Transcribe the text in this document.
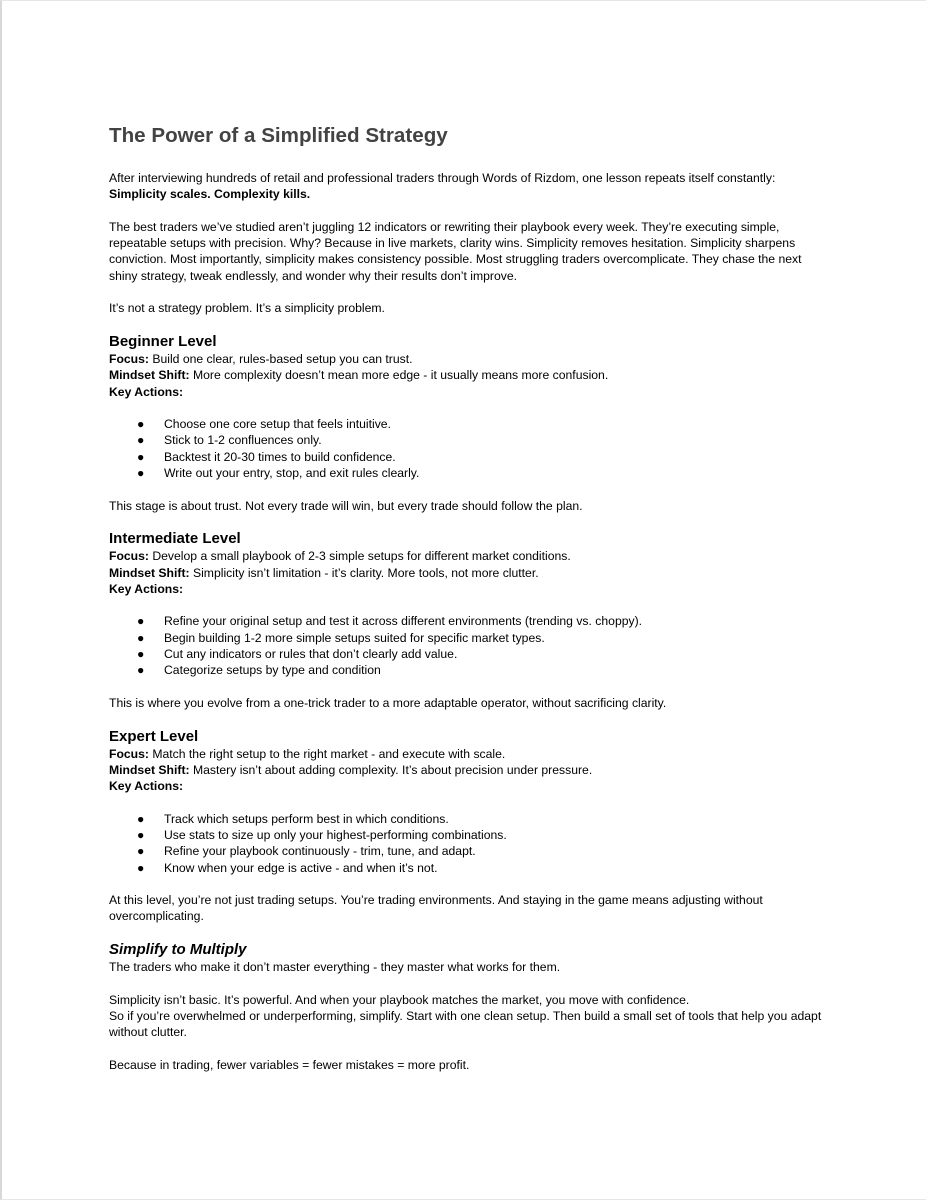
The Power of a Simplified Strategy

After interviewing hundreds of retail and professional traders through Words of Rizdom, one lesson repeats itself constantly:
Simplicity scales. Complexity kills.

The best traders we’ve studied aren’t juggling 12 indicators or rewriting their playbook every week. They’re executing simple, repeatable setups with precision. Why? Because in live markets, clarity wins. Simplicity removes hesitation. Simplicity sharpens conviction. Most importantly, simplicity makes consistency possible. Most struggling traders overcomplicate. They chase the next shiny strategy, tweak endlessly, and wonder why their results don’t improve.

It’s not a strategy problem. It’s a simplicity problem.

Beginner Level

Focus: Build one clear, rules-based setup you can trust.

Mindset Shift: More complexity doesn’t mean more edge - it usually means more confusion.

Key Actions:

● Choose one core setup that feels intuitive.
● Stick to 1-2 confluences only.
● Backtest it 20-30 times to build confidence.
● Write out your entry, stop, and exit rules clearly.

This stage is about trust. Not every trade will win, but every trade should follow the plan.

Intermediate Level

Focus: Develop a small playbook of 2-3 simple setups for different market conditions.

Mindset Shift: Simplicity isn’t limitation - it’s clarity. More tools, not more clutter.

Key Actions:

● Refine your original setup and test it across different environments (trending vs. choppy).
● Begin building 1-2 more simple setups suited for specific market types.
● Cut any indicators or rules that don’t clearly add value.
● Categorize setups by type and condition

This is where you evolve from a one-trick trader to a more adaptable operator, without sacrificing clarity.

Expert Level

Focus: Match the right setup to the right market - and execute with scale.

Mindset Shift: Mastery isn’t about adding complexity. It’s about precision under pressure.

Key Actions:

● Track which setups perform best in which conditions.
● Use stats to size up only your highest-performing combinations.
● Refine your playbook continuously - trim, tune, and adapt.
● Know when your edge is active - and when it’s not.

At this level, you’re not just trading setups. You’re trading environments. And staying in the game means adjusting without overcomplicating.

Simplify to Multiply

The traders who make it don’t master everything - they master what works for them.

Simplicity isn’t basic. It’s powerful. And when your playbook matches the market, you move with confidence.

So if you’re overwhelmed or underperforming, simplify. Start with one clean setup. Then build a small set of tools that help you adapt without clutter.

Because in trading, fewer variables = fewer mistakes = more profit.
